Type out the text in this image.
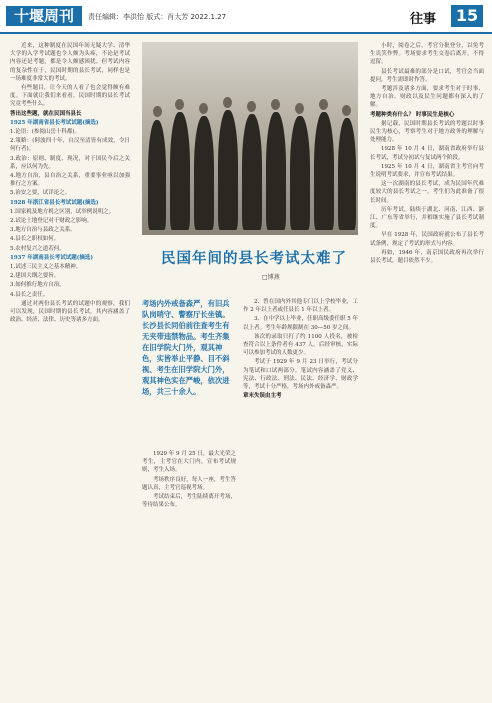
十堰周刊	责任编辑：李洪怡 版式：肖大芳 2022.1.27	往事	15

近来，这种制度在民国年间无疑大学、清华大学的入学考试题也令人颇为头疼，不论是考试内容还是考题，都是令人颇感困扰。但考试内容的复杂性在于，民国时期的县长考试，同样也是一场难度非常大的考试。

有些题目，让今天的人看了也会觉得颇有难度。下面就让我们来看看，民国时期的县长考试究竟考些什么。

答出这些题，就在民国当县长

1925 年湖南省县长考试试题(摘选)

1.论语：(参阅山岳十科都)。

2.策略：(阿波四十年，自汉至清皆有成效，令日何行者)。

3.政治：原则、制度、现况，对于国民今后之关系，应以何为先。

4.地方自治，县自治之关系，重要事业亟以加强推行之方案。

5.治安之要，试详论之。

1928 年浙江省县长考试试题(摘选)

1.国家税及地方税之区别，试举例说明之。

2.试论土地登记对于财政之影响。

3.地方自治与县政之关系。

4.县长之职权如何。

5.农村复兴之道若何。

1937 年湖南县长考试试题(摘选)

1.试述三民主义之基本精神。

2.建国大纲之要旨。

3.如何推行地方自治。

4.县长之责任。

通过对两份县长考试的试题中的观察，我们可以发现，民国时期的县长考试，其内容涵盖了政治、经济、法律、历史等诸多方面。

民国年间的县长考试太难了
□博燕
考场内外戒备森严，有旧兵队岗哨守、警察厅长坐镇。长沙县长同伯前往查考生有无夹带违禁物品。考生齐集在旧学院大门外，观其神色，实皆举止平静、目不斜视、考生在旧学院大门外，观其神色实在严峻，依次进场，共三十余人。

2、曾在国内外其他专门以上学校毕业，工作 2 年以上者或任县长 1 年以上者。

3、在中学以上毕业，任职高级委任职 5 年以上者。考生年龄规限制在 30—50 岁之间。

该次的录取只打了约 1100 人投名，被检查符合以上条件者有 437 人。后经审核，实际可以参加考试的人数更少。

考试于 1929 年 9 月 23 日举行，考试分为笔试和口试两部分。笔试内容涵盖了党义、宪法、行政法、刑法、民法、经济学、财政学等，考试十分严格，考场内外戒备森严。

章末失误由主考

1929 年 9 月 25 日，最大光荣之考生，主考官在大门内，宣布考试规则，考生入场。

考场秩序良好，每人一座，考生答题认真，主考官巡视考场。

考试结束后，考生陆续离开考场，等待结果公布。

小时，阅卷之后，考官分批登分，以免考生讥笑作弊。考场要求考生交卷后离开，不得逗留。

县长考试最难的部分是口试，考官会当面提问，考生需即时作答。

考题涉及诸多方面，要求考生对于时事、地方自治、财政以及民生问题都有深入的了解。

考题种类有什么？ 时事民生是核心

据记载，民国时期县长考试的考题以时事民生为核心，考察考生对于地方政务的理解与处理能力。

1928 年 10 月 4 日，湖南省政府举行县长考试，考试分初试与复试两个阶段。

1925 年 10 月 4 日，湖南省主考官向考生说明考试要求，并宣布考试结果。

这一次湖南的县长考试，成为民国年代难度较大的县长考试之一，考生们为此准备了很长时间。

历年考试，陆续于湖北、河南、江西、浙江、广东等省举行，并相继实施了县长考试制度。

早在 1928 年，民国政府就公布了县长考试条例，规定了考试的形式与内容。

再如，1946 年，南京国民政府再次举行县长考试，题目依然不少。
